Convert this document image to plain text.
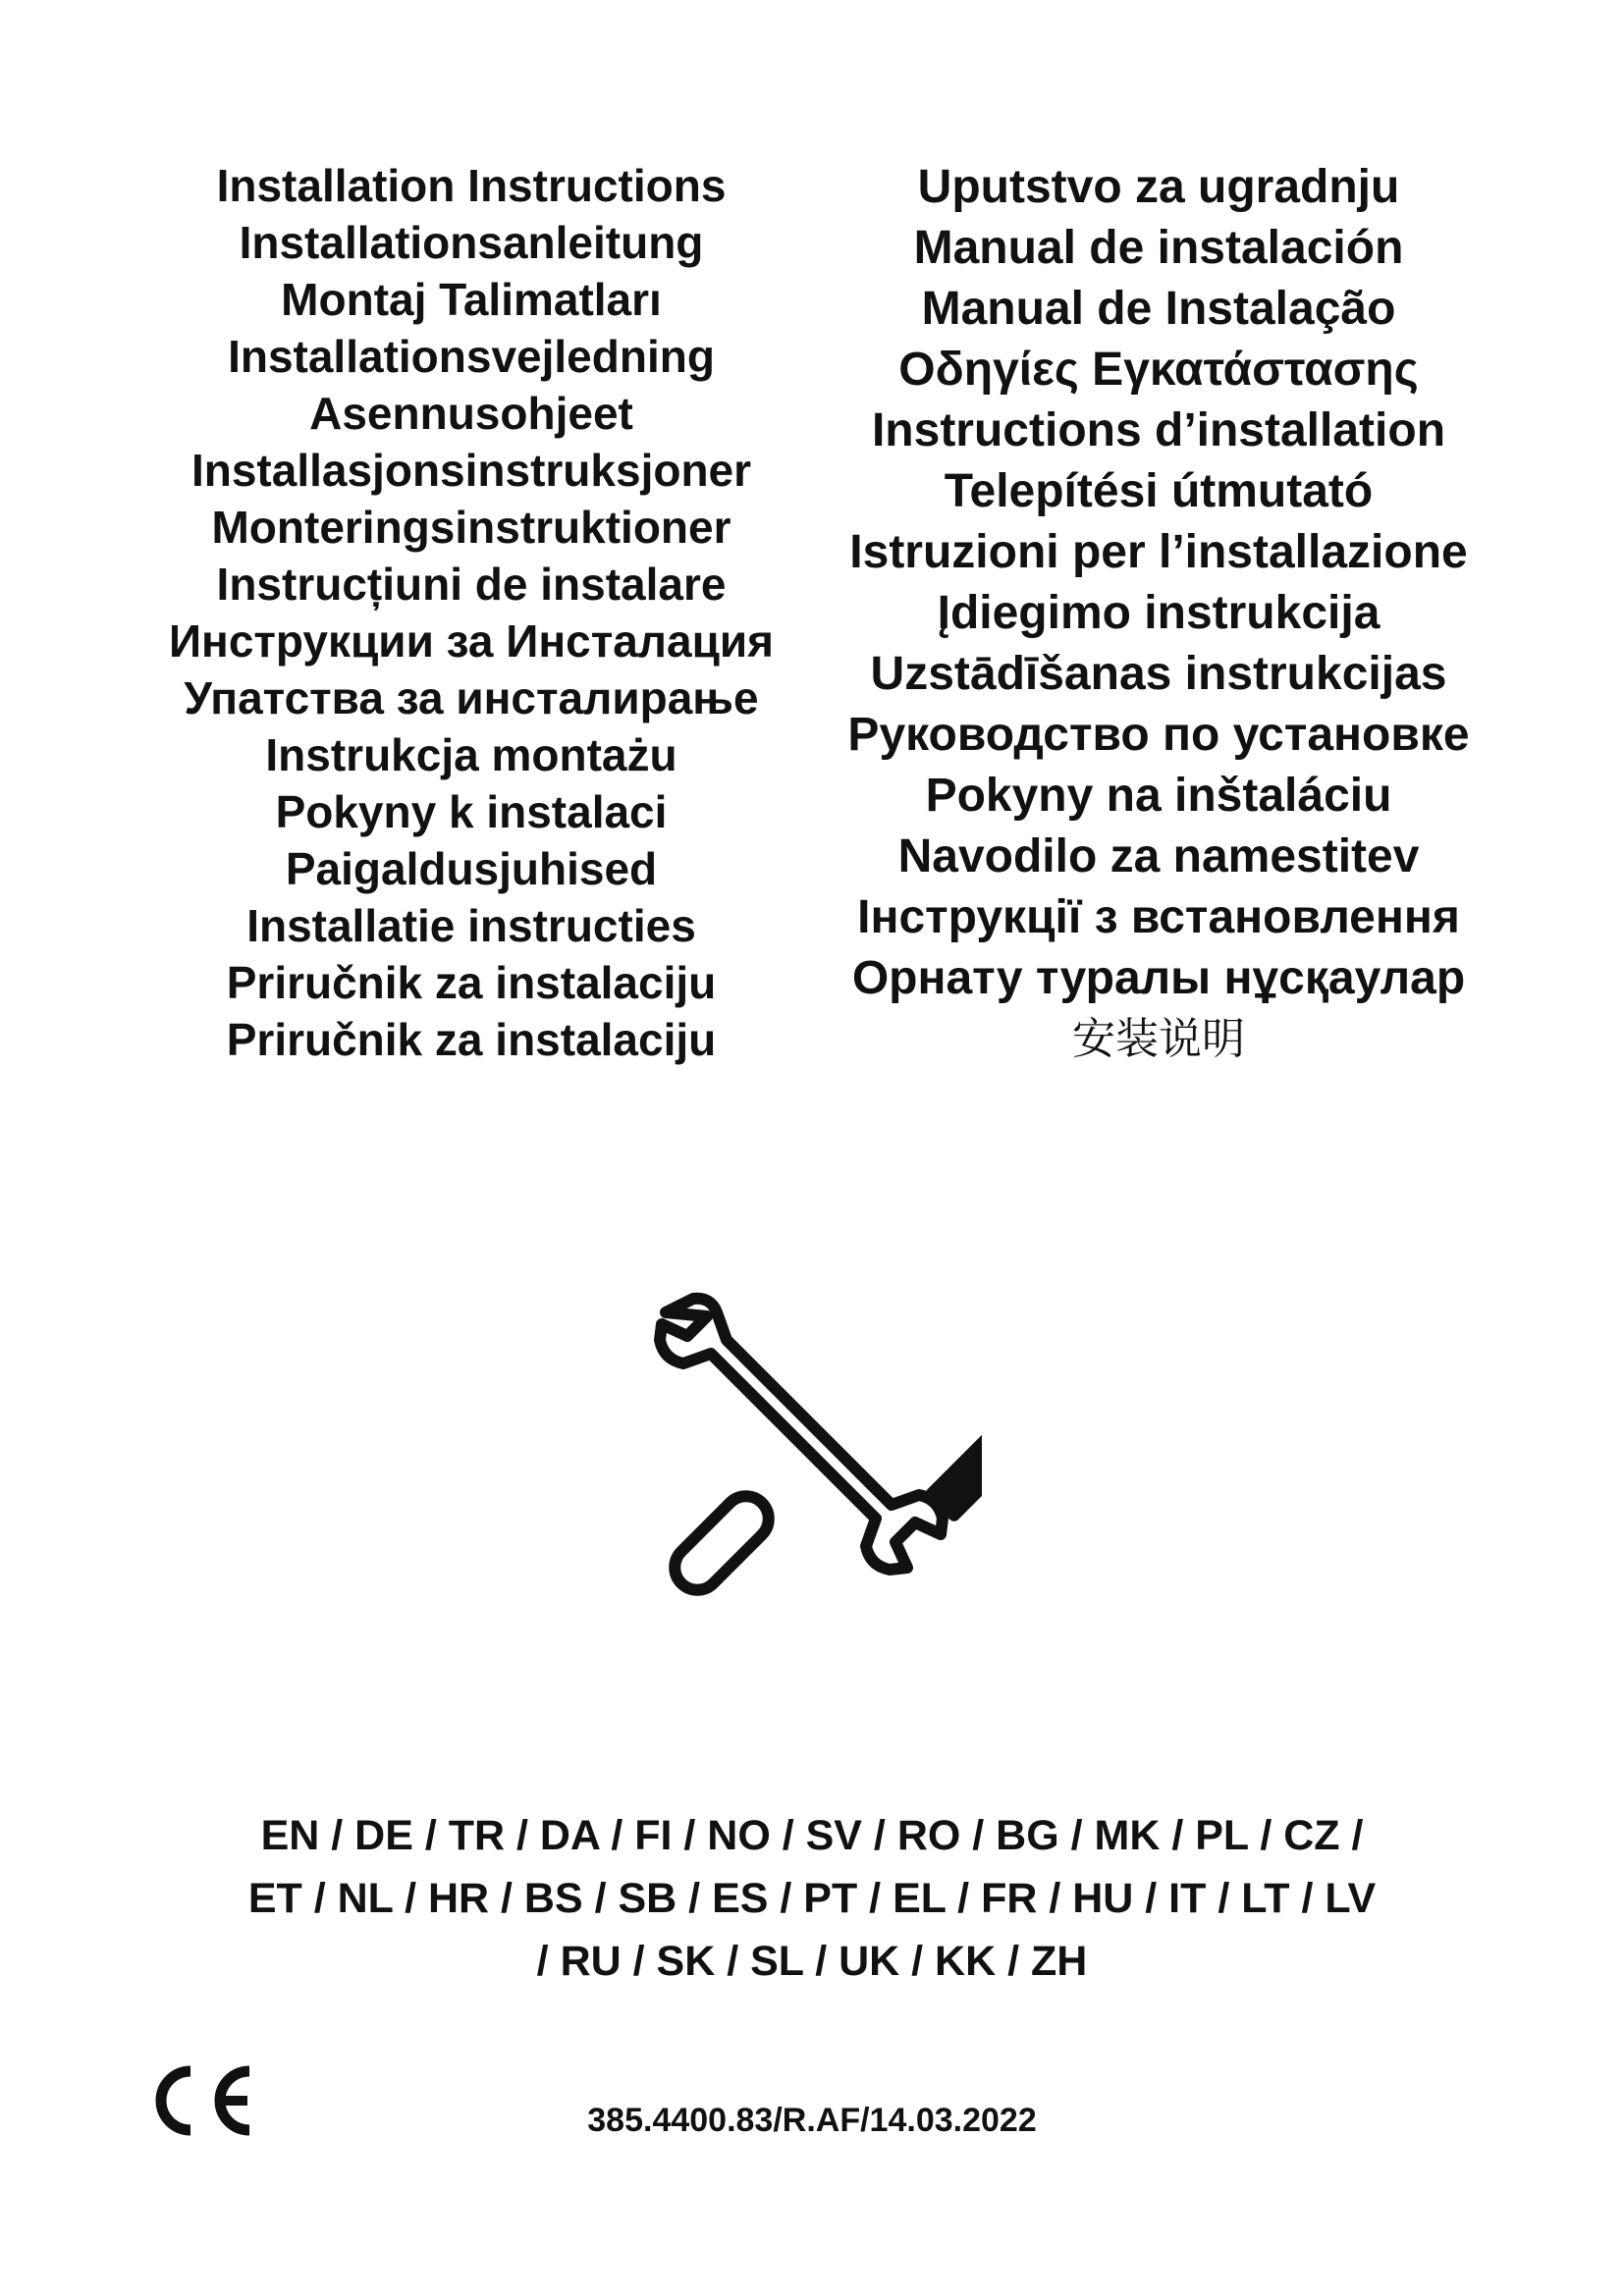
Installation Instructions
Installationsanleitung
Montaj Talimatları
Installationsvejledning
Asennusohjeet
Installasjonsinstruksjoner
Monteringsinstruktioner
Instrucțiuni de instalare
Инструкции за Инсталация
Упатства за инсталирање
Instrukcja montażu
Pokyny k instalaci
Paigaldusjuhised
Installatie instructies
Priručnik za instalaciju
Priručnik za instalaciju
Uputstvo za ugradnju
Manual de instalación
Manual de Instalação
Οδηγίες Εγκατάστασης
Instructions d’installation
Telepítési útmutató
Istruzioni per l’installazione
Įdiegimo instrukcija
Uzstādīšanas instrukcijas
Руководство по установке
Pokyny na inštaláciu
Navodilo za namestitev
Інструкції з встановлення
Орнату туралы нұсқаулар
安装说明
EN / DE / TR / DA / FI / NO / SV / RO / BG / MK / PL / CZ /
ET / NL / HR / BS / SB / ES / PT / EL / FR / HU / IT / LT / LV
/ RU / SK / SL / UK / KK / ZH
385.4400.83/R.AF/14.03.2022
